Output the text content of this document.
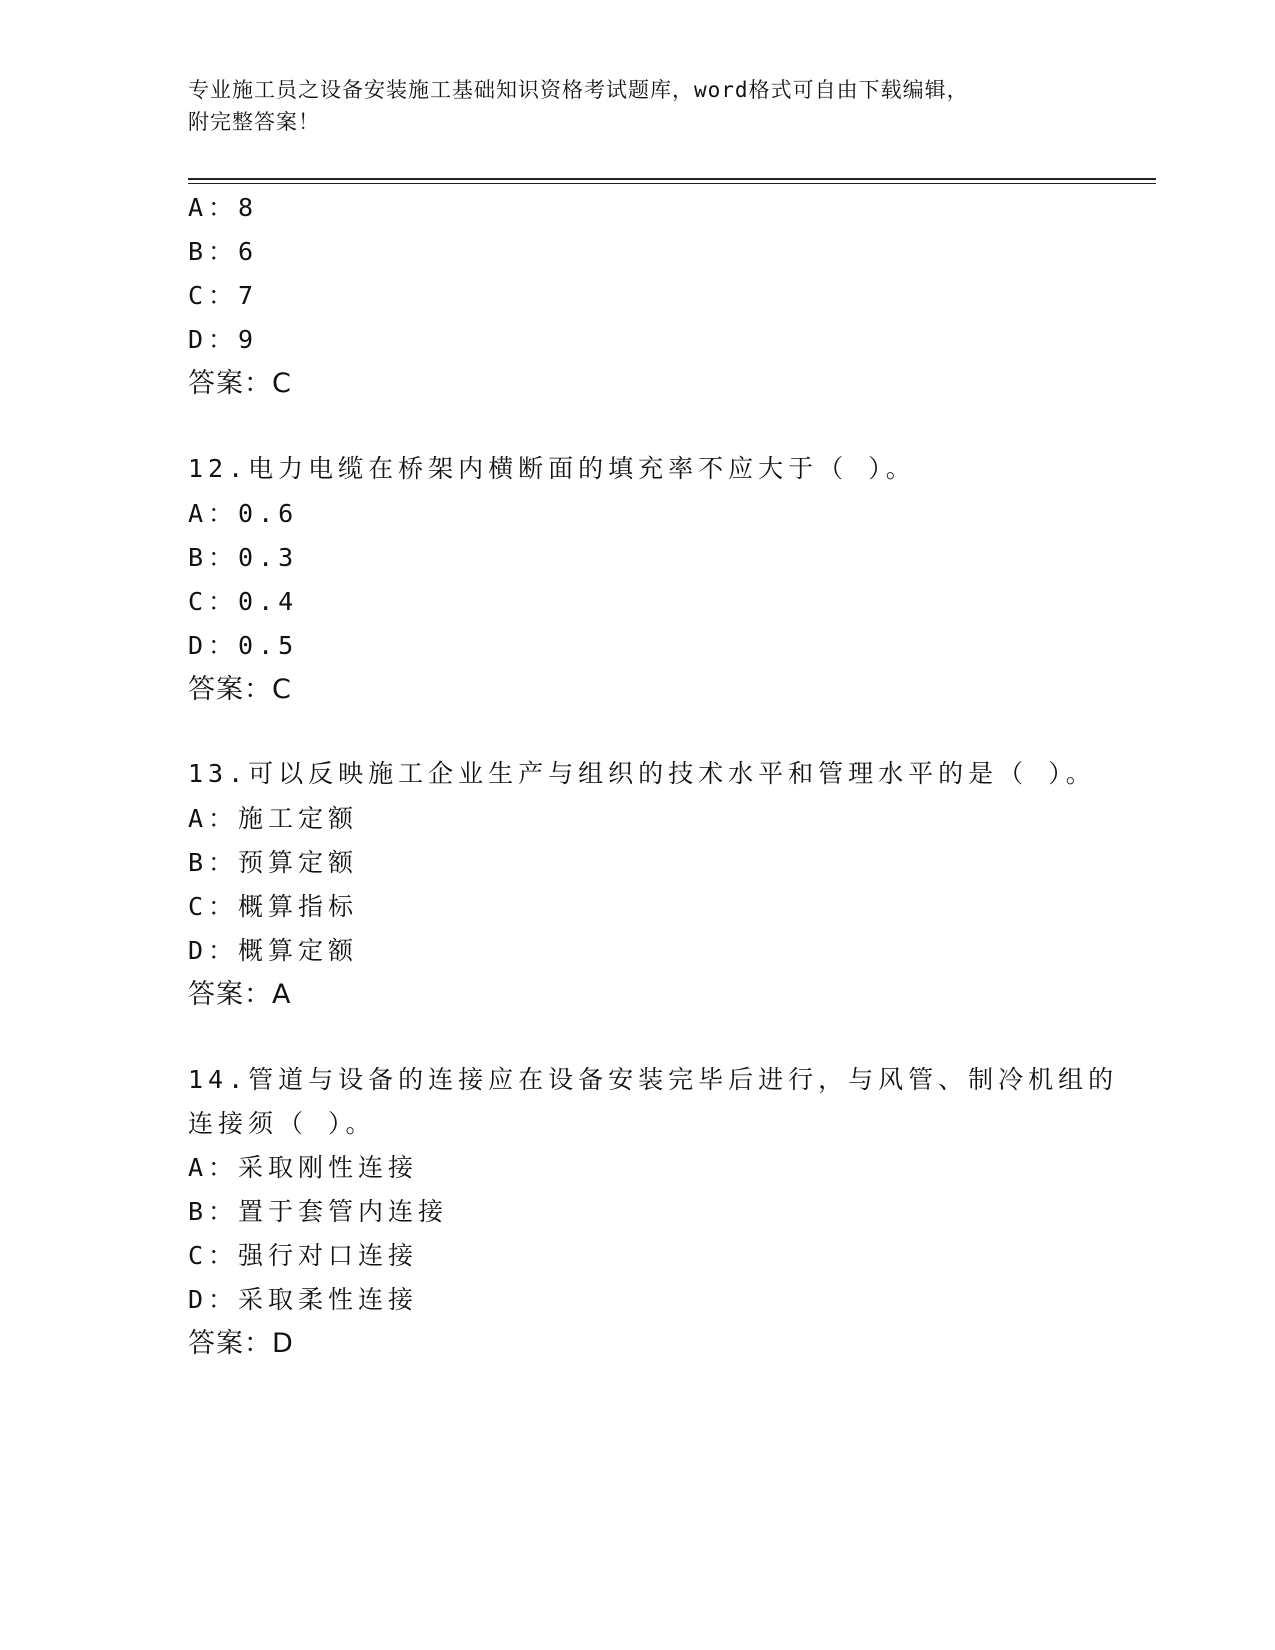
专业施工员之设备安装施工基础知识资格考试题库，word格式可自由下载编辑，
附完整答案！
A：8
B：6
C：7
D：9
答案：C
12.电力电缆在桥架内横断面的填充率不应大于（ ）。
A：0.6
B：0.3
C：0.4
D：0.5
答案：C
13.可以反映施工企业生产与组织的技术水平和管理水平的是（ ）。
A：施工定额
B：预算定额
C：概算指标
D：概算定额
答案：A
14.管道与设备的连接应在设备安装完毕后进行，与风管、制冷机组的
连接须（ ）。
A：采取刚性连接
B：置于套管内连接
C：强行对口连接
D：采取柔性连接
答案：D
